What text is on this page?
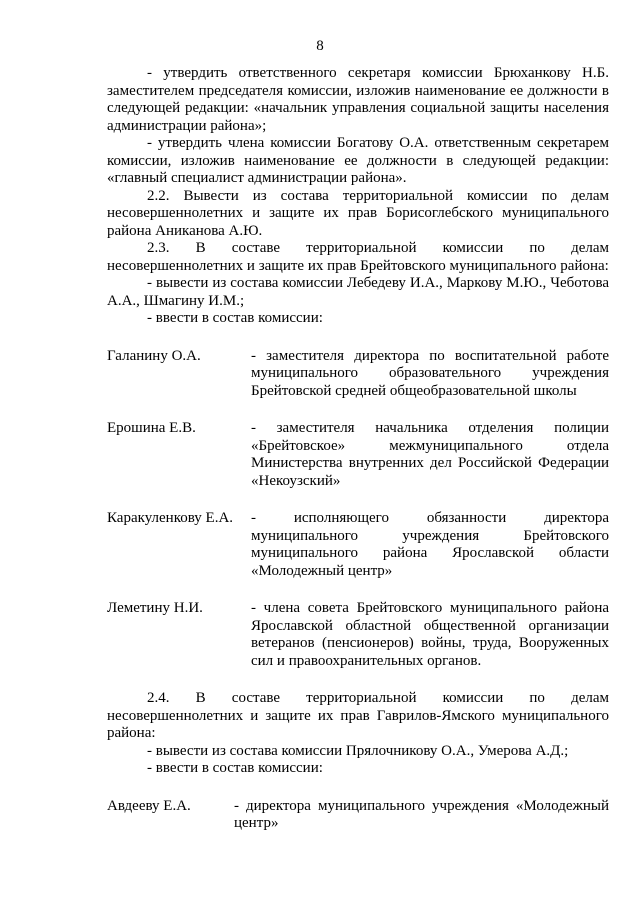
8

- утвердить ответственного секретаря комиссии Брюханкову Н.Б. заместителем председателя комиссии, изложив наименование ее должности в следующей редакции: «начальник управления социальной защиты населения администрации района»;

- утвердить члена комиссии Богатову О.А. ответственным секретарем комиссии, изложив наименование ее должности в следующей редакции: «главный специалист администрации района».

2.2. Вывести из состава территориальной комиссии по делам несовершеннолетних и защите их прав Борисоглебского муниципального района Аниканова А.Ю.

2.3. В составе территориальной комиссии по делам несовершеннолетних и защите их прав Брейтовского муниципального района:

- вывести из состава комиссии Лебедеву И.А., Маркову М.Ю., Чеботова А.А., Шмагину И.М.;

- ввести в состав комиссии:

Галанину О.А.	- заместителя директора по воспитательной работе муниципального образовательного учреждения Брейтовской средней общеобразовательной школы
Ерошина Е.В.	- заместителя начальника отделения полиции «Брейтовское» межмуниципального отдела Министерства внутренних дел Российской Федерации «Некоузский»
Каракуленкову Е.А.	- исполняющего обязанности директора муниципального учреждения Брейтовского муниципального района Ярославской области «Молодежный центр»
Леметину Н.И.	- члена совета Брейтовского муниципального района Ярославской областной общественной организации ветеранов (пенсионеров) войны, труда, Вооруженных сил и правоохранительных органов.

2.4. В составе территориальной комиссии по делам несовершеннолетних и защите их прав Гаврилов-Ямского муниципального района:

- вывести из состава комиссии Прялочникову О.А., Умерова А.Д.;

- ввести в состав комиссии:

Авдееву Е.А.	- директора муниципального учреждения «Молодежный центр»
